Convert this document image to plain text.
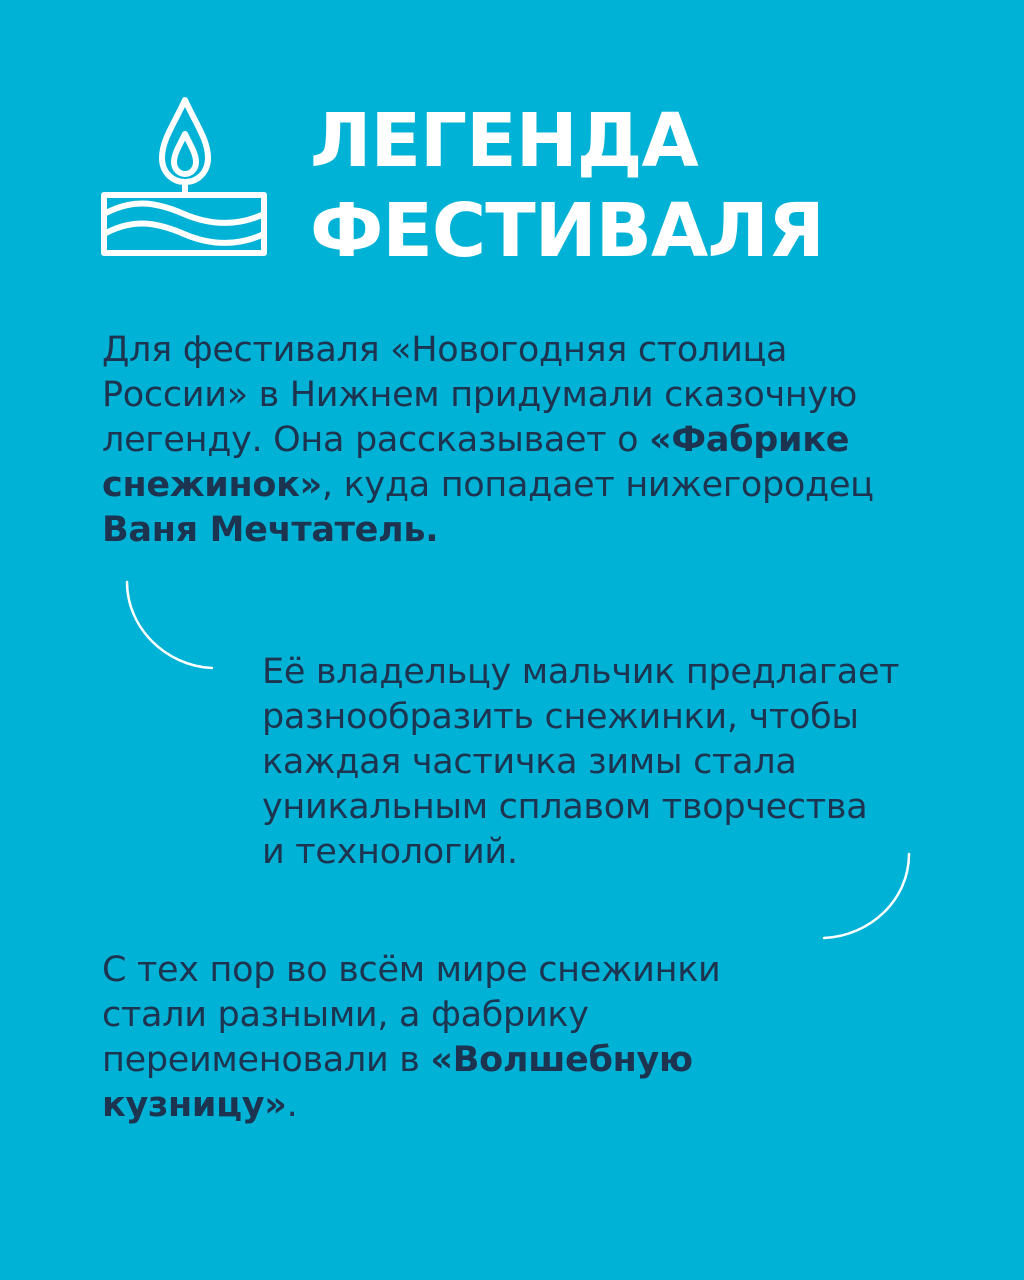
ЛЕГЕНДА
ФЕСТИВАЛЯ

Для фестиваля «Новогодняя столица
России» в Нижнем придумали сказочную
легенду. Она рассказывает о «Фабрике
снежинок», куда попадает нижегородец
Ваня Мечтатель.

Её владельцу мальчик предлагает
разнообразить снежинки, чтобы
каждая частичка зимы стала
уникальным сплавом творчества
и технологий.

С тех пор во всём мире снежинки
стали разными, а фабрику
переименовали в «Волшебную
кузницу».
